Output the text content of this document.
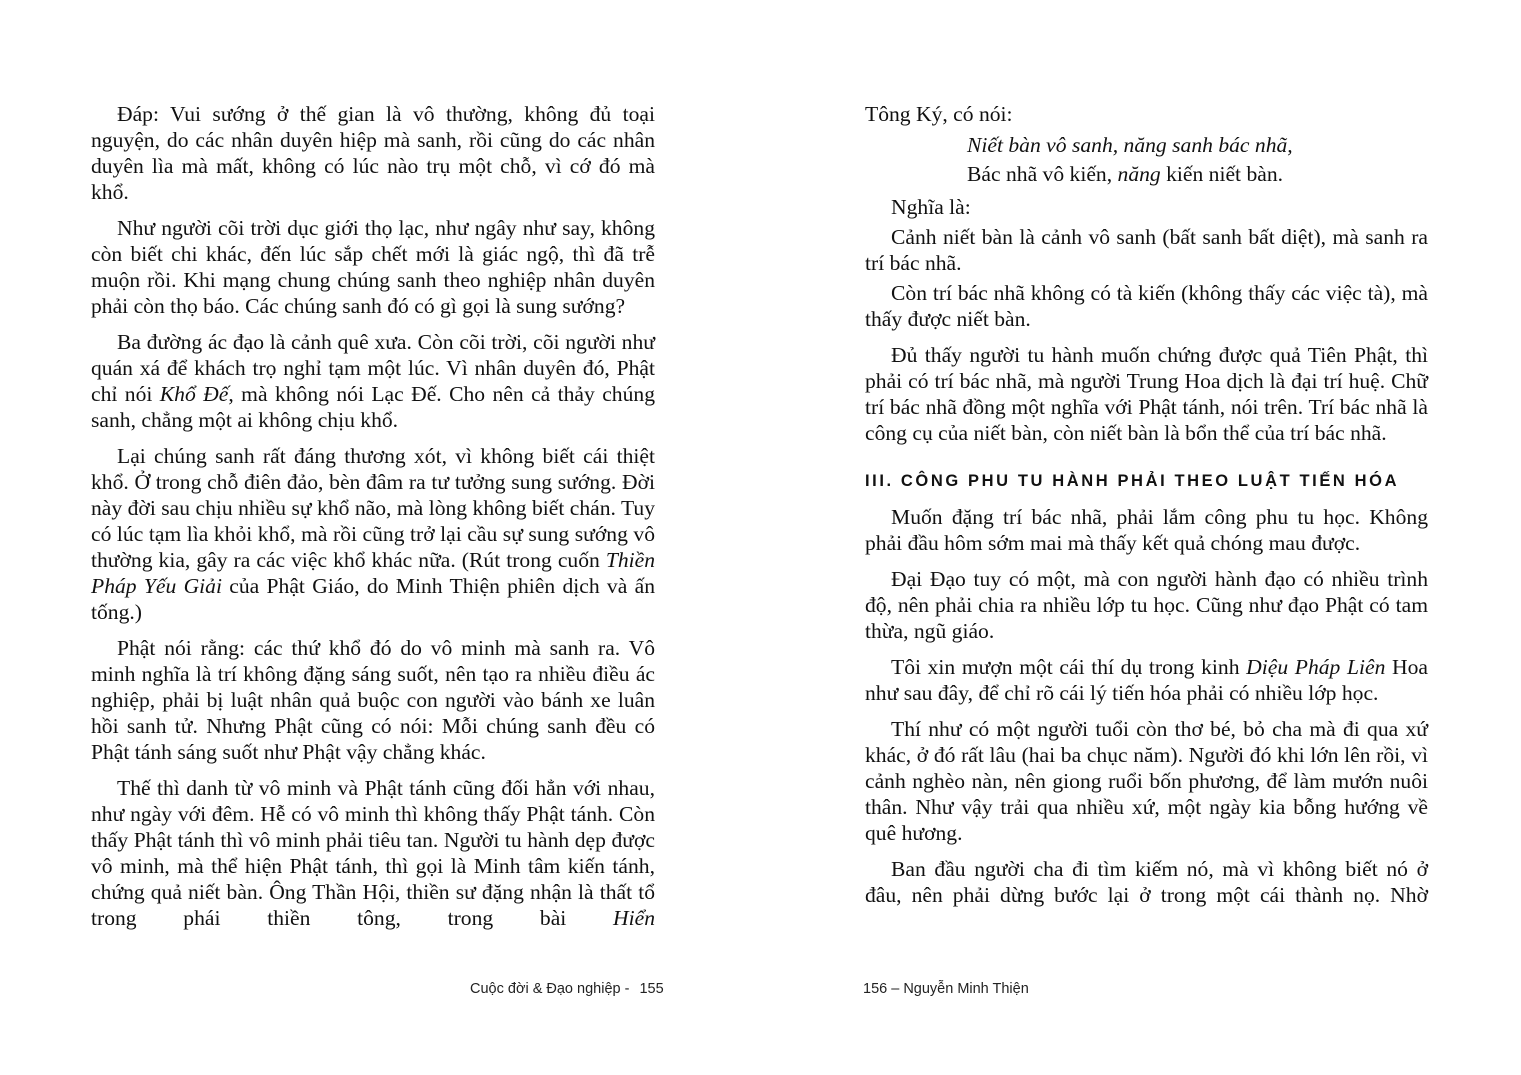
Đáp: Vui sướng ở thế gian là vô thường, không đủ toại nguyện, do các nhân duyên hiệp mà sanh, rồi cũng do các nhân duyên lìa mà mất, không có lúc nào trụ một chỗ, vì cớ đó mà khổ.

Như người cõi trời dục giới thọ lạc, như ngây như say, không còn biết chi khác, đến lúc sắp chết mới là giác ngộ, thì đã trễ muộn rồi. Khi mạng chung chúng sanh theo nghiệp nhân duyên phải còn thọ báo. Các chúng sanh đó có gì gọi là sung sướng?

Ba đường ác đạo là cảnh quê xưa. Còn cõi trời, cõi người như quán xá để khách trọ nghỉ tạm một lúc. Vì nhân duyên đó, Phật chỉ nói Khổ Đế, mà không nói Lạc Đế. Cho nên cả thảy chúng sanh, chẳng một ai không chịu khổ.

Lại chúng sanh rất đáng thương xót, vì không biết cái thiệt khổ. Ở trong chỗ điên đảo, bèn đâm ra tư tưởng sung sướng. Đời này đời sau chịu nhiều sự khổ não, mà lòng không biết chán. Tuy có lúc tạm lìa khỏi khổ, mà rồi cũng trở lại cầu sự sung sướng vô thường kia, gây ra các việc khổ khác nữa. (Rút trong cuốn Thiền Pháp Yếu Giải của Phật Giáo, do Minh Thiện phiên dịch và ấn tống.)

Phật nói rằng: các thứ khổ đó do vô minh mà sanh ra. Vô minh nghĩa là trí không đặng sáng suốt, nên tạo ra nhiều điều ác nghiệp, phải bị luật nhân quả buộc con người vào bánh xe luân hồi sanh tử. Nhưng Phật cũng có nói: Mỗi chúng sanh đều có Phật tánh sáng suốt như Phật vậy chẳng khác.

Thế thì danh từ vô minh và Phật tánh cũng đối hẳn với nhau, như ngày với đêm. Hễ có vô minh thì không thấy Phật tánh. Còn thấy Phật tánh thì vô minh phải tiêu tan. Người tu hành dẹp được vô minh, mà thể hiện Phật tánh, thì gọi là Minh tâm kiến tánh, chứng quả niết bàn. Ông Thần Hội, thiền sư đặng nhận là thất tổ trong phái thiền tông, trong bài Hiển

Cuộc đời & Đạo nghiệp - 155

Tông Ký, có nói:

Niết bàn vô sanh, năng sanh bác nhã,
Bác nhã vô kiến, năng kiến niết bàn.

Nghĩa là:

Cảnh niết bàn là cảnh vô sanh (bất sanh bất diệt), mà sanh ra trí bác nhã.

Còn trí bác nhã không có tà kiến (không thấy các việc tà), mà thấy được niết bàn.

Đủ thấy người tu hành muốn chứng được quả Tiên Phật, thì phải có trí bác nhã, mà người Trung Hoa dịch là đại trí huệ. Chữ trí bác nhã đồng một nghĩa với Phật tánh, nói trên. Trí bác nhã là công cụ của niết bàn, còn niết bàn là bổn thể của trí bác nhã.

III. CÔNG PHU TU HÀNH PHẢI THEO LUẬT TIẾN HÓA

Muốn đặng trí bác nhã, phải lắm công phu tu học. Không phải đầu hôm sớm mai mà thấy kết quả chóng mau được.

Đại Đạo tuy có một, mà con người hành đạo có nhiều trình độ, nên phải chia ra nhiều lớp tu học. Cũng như đạo Phật có tam thừa, ngũ giáo.

Tôi xin mượn một cái thí dụ trong kinh Diệu Pháp Liên Hoa như sau đây, để chỉ rõ cái lý tiến hóa phải có nhiều lớp học.

Thí như có một người tuổi còn thơ bé, bỏ cha mà đi qua xứ khác, ở đó rất lâu (hai ba chục năm). Người đó khi lớn lên rồi, vì cảnh nghèo nàn, nên giong ruổi bốn phương, để làm mướn nuôi thân. Như vậy trải qua nhiều xứ, một ngày kia bỗng hướng về quê hương.

Ban đầu người cha đi tìm kiếm nó, mà vì không biết nó ở đâu, nên phải dừng bước lại ở trong một cái thành nọ. Nhờ

156 – Nguyễn Minh Thiện
